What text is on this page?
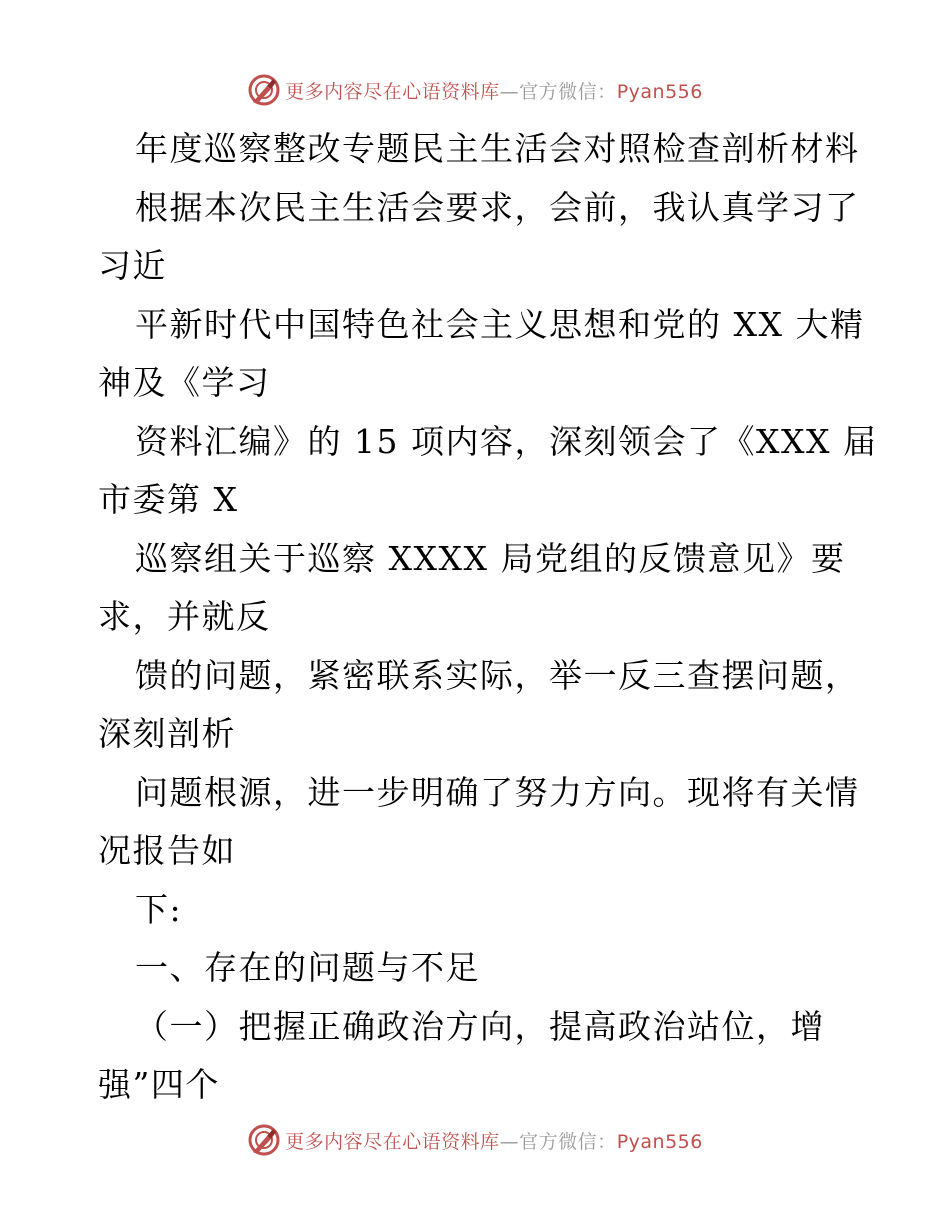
更多内容尽在心语资料库—官方微信：Pyan556
年度巡察整改专题民主生活会对照检查剖析材料
根据本次民主生活会要求，会前，我认真学习了
习近
平新时代中国特色社会主义思想和党的 XX 大精
神及《学习
资料汇编》的 15 项内容，深刻领会了《XXX 届
市委第 X
巡察组关于巡察 XXXX 局党组的反馈意见》要
求，并就反
馈的问题，紧密联系实际，举一反三查摆问题，
深刻剖析
问题根源，进一步明确了努力方向。现将有关情
况报告如
下:
一、存在的问题与不足
（一）把握正确政治方向，提高政治站位，增
强”四个
更多内容尽在心语资料库—官方微信：Pyan556
